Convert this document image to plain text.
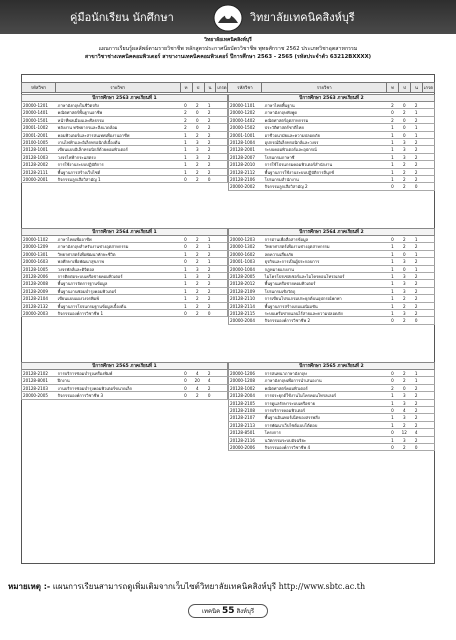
คู่มือนักเรียน นักศึกษา	วิทยาลัยเทคนิคสิงห์บุรี
วิทยาลัยเทคนิคสิงห์บุรี
แผนการเรียนรู้ผลลัพธ์ตามรายวิชาชีพ หลักสูตรประกาศนียบัตรวิชาชีพ พุทธศักราช 2562 ประเภทวิชาอุตสาหกรรม
สาขาวิชาช่างเทคนิคคอมพิวเตอร์ สาขางานเทคนิคคอมพิวเตอร์ ปีการศึกษา 2563 - 2565 (รหัสประจำตัว 63212BXXXX)
รหัสวิชา	รายวิชา	ท	ป	น	เกรด	รหัสวิชา	รายวิชา	ท	ป	น	เกรด
ปีการศึกษา 2563 ภาคเรียนที่ 1
20000-1201	ภาษาอังกฤษในชีวิตจริง	0	2	1
20000-1401	คณิตศาสตร์พื้นฐานอาชีพ	2	0	2
20000-1501	หน้าที่พลเมืองและศีลธรรม	2	0	2
20001-1002	พลังงาน ทรัพยากรและสิ่งแวดล้อม	2	0	2
20001-2001	คอมพิวเตอร์และสารสนเทศเพื่องานอาชีพ	1	2	2
20100-1005	งานไฟฟ้าและอิเล็กทรอนิกส์เบื้องต้น	1	3	2
20128-1001	เขียนแบบอิเล็กทรอนิกส์ด้วยคอมพิวเตอร์	1	3	2
20128-1003	วงจรไฟฟ้ากระแสตรง	1	3	2
20128-2002	การใช้งานระบบปฏิบัติการ	1	2	2
20128-2111	พื้นฐานการสร้างเว็บไซต์	1	2	2
20000-2001	กิจกรรมลูกเสือวิสามัญ 1	0	2	0
ปีการศึกษา 2563 ภาคเรียนที่ 2
20000-1101	ภาษาไทยพื้นฐาน	2	0	2
20000-1202	ภาษาอังกฤษฟังพูด	0	2	1
20000-1402	คณิตศาสตร์อุตสาหกรรม	2	0	2
20000-1502	ประวัติศาสตร์ชาติไทย	1	0	1
20001-1001	อาชีวอนามัยและความปลอดภัย	1	0	1
20128-1004	อุปกรณ์อิเล็กทรอนิกส์และวงจร	1	3	2
20128-2001	ระบบคอมพิวเตอร์และอุปกรณ์	1	3	2
20128-2007	โปรแกรมภาษาซี	1	3	2
20128-2010	การใช้โปรแกรมคอมพิวเตอร์สำนักงาน	1	2	2
20128-2112	พื้นฐานการใช้งานระบบปฏิบัติการลีนุกซ์	1	2	2
20128-2106	โปรแกรมสำนักงาน	1	2	2
20000-2002	กิจกรรมลูกเสือวิสามัญ 2	0	2	0
ปีการศึกษา 2564 ภาคเรียนที่ 1
20000-1102	ภาษาไทยเพื่ออาชีพ	0	2	1
20000-1209	ภาษาอังกฤษสำหรับงานช่างอุตสาหกรรม	0	2	1
20000-1301	วิทยาศาสตร์เพื่อพัฒนาทักษะชีวิต	1	2	2
20000-1603	พลศึกษาเพื่อพัฒนาสุขภาพ	0	2	1
20128-1005	วงจรพัลส์และดิจิตอล	1	3	2
20128-2006	การติดต่อระบบเครือข่ายคอมพิวเตอร์	1	3	2
20128-2008	พื้นฐานการจัดการฐานข้อมูล	1	2	2
20128-2009	พื้นฐานงานซ่อมบำรุงคอมพิวเตอร์	1	2	2
20128-2104	เขียนแบบแผงวงจรพิมพ์	1	2	2
20128-2132	พื้นฐานการโปรแกรมฐานข้อมูลเบื้องต้น	1	2	2
20000-2003	กิจกรรมองค์การวิชาชีพ 1	0	2	0
ปีการศึกษา 2564 ภาคเรียนที่ 2
20000-1203	การอ่านเพื่อสื่อสารข้อมูล	0	2	1
20000-1302	วิทยาศาสตร์เพื่องานช่างอุตสาหกรรม	1	2	2
20000-1602	ลดความเสี่ยงภัย	1	0	1
20001-1003	ธุรกิจและการเป็นผู้ประกอบการ	1	3	2
20000-1004	กฎหมายแรงงาน	1	0	1
20128-2005	ไมโครโปรเซสเซอร์และไมโครคอนโทรลเลอร์	1	3	2
20128-2012	พื้นฐานเครือข่ายคอมพิวเตอร์	1	3	2
20128-2109	โปรแกรมเชิงวัตถุ	1	3	2
20128-2110	การเขียนโปรแกรมประยุกต์บนอุปกรณ์พกพา	1	2	2
20128-2114	พื้นฐานการสร้างเกมแอนิเมชัน	1	2	2
20128-2115	ระบบเครือข่ายแลนไร้สายและความปลอดภัย	1	3	2
20000-2004	กิจกรรมองค์การวิชาชีพ 2	0	2	0
ปีการศึกษา 2565 ภาคเรียนที่ 1
20128-2102	การบริการซ่อมบำรุงเครื่องพิมพ์	0	4	2
20128-8001	ฝึกงาน	0	20	4
20128-2103	งานบริการซ่อมบำรุงคอมพิวเตอร์ขนาดเล็ก	0	4	2
20000-2005	กิจกรรมองค์การวิชาชีพ 3	0	2	0
ปีการศึกษา 2565 ภาคเรียนที่ 2
20000-1206	การสนทนาภาษาอังกฤษ	0	2	1
20000-1208	ภาษาอังกฤษเพื่อการนำเสนองาน	0	2	1
20128-1002	คณิตศาสตร์คอมพิวเตอร์	2	0	2
20128-2004	การประยุกต์ใช้งานไมโครคอนโทรลเลอร์	1	3	2
20128-2105	การดูแลรักษาระบบเครือข่าย	1	3	2
20128-2108	การบริการคอมพิวเตอร์	0	4	2
20128-2107	พื้นฐานอินเทอร์เน็ตของสรรพสิ่ง	1	3	2
20128-2113	การพัฒนาเว็บไซต์แบบโต้ตอบ	1	2	2
20128-8501	โครงการ	0	12	4
20128-2116	นวัตกรรมระบบอัจฉริยะ	1	3	2
20000-2006	กิจกรรมองค์การวิชาชีพ 4	0	2	0
หมายเหตุ :- แผนการเรียนสามารถดูเพิ่มเติมจากเว็บไซต์วิทยาลัยเทคนิคสิงห์บุรี http://www.sbtc.ac.th
เทคนิค 55 สิงห์บุรี
